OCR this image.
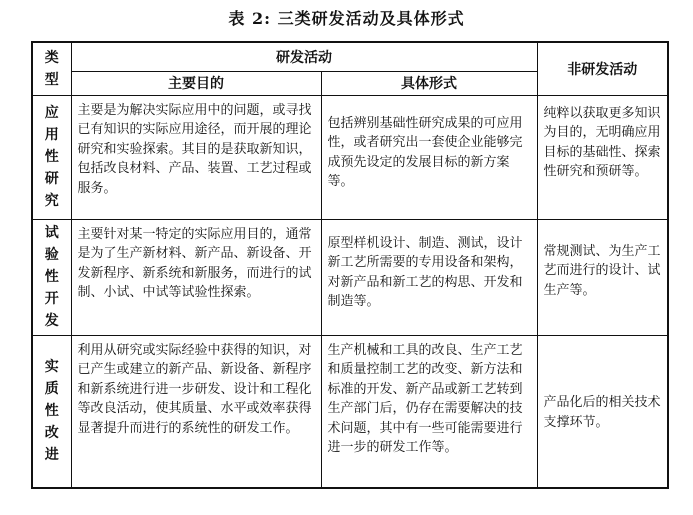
表 2: 三类研发活动及具体形式
类型	研发活动		非研发活动
	主要目的	具体形式	
应用性研究	主要是为解决实际应用中的问题，或寻找已有知识的实际应用途径，而开展的理论研究和实验探索。其目的是获取新知识，包括改良材料、产品、装置、工艺过程或服务。	包括辨别基础性研究成果的可应用性，或者研究出一套使企业能够完成预先设定的发展目标的新方案等。	纯粹以获取更多知识为目的，无明确应用目标的基础性、探索性研究和预研等。
试验性开发	主要针对某一特定的实际应用目的，通常是为了生产新材料、新产品、新设备、开发新程序、新系统和新服务，而进行的试制、小试、中试等试验性探索。	原型样机设计、制造、测试，设计新工艺所需要的专用设备和架构，对新产品和新工艺的构思、开发和制造等。	常规测试、为生产工艺而进行的设计、试生产等。
实质性改进	利用从研究或实际经验中获得的知识，对已产生或建立的新产品、新设备、新程序和新系统进行进一步研发、设计和工程化等改良活动，使其质量、水平或效率获得显著提升而进行的系统性的研发工作。	生产机械和工具的改良、生产工艺和质量控制工艺的改变、新方法和标准的开发、新产品或新工艺转到生产部门后，仍存在需要解决的技术问题，其中有一些可能需要进行进一步的研发工作等。	产品化后的相关技术支撑环节。
